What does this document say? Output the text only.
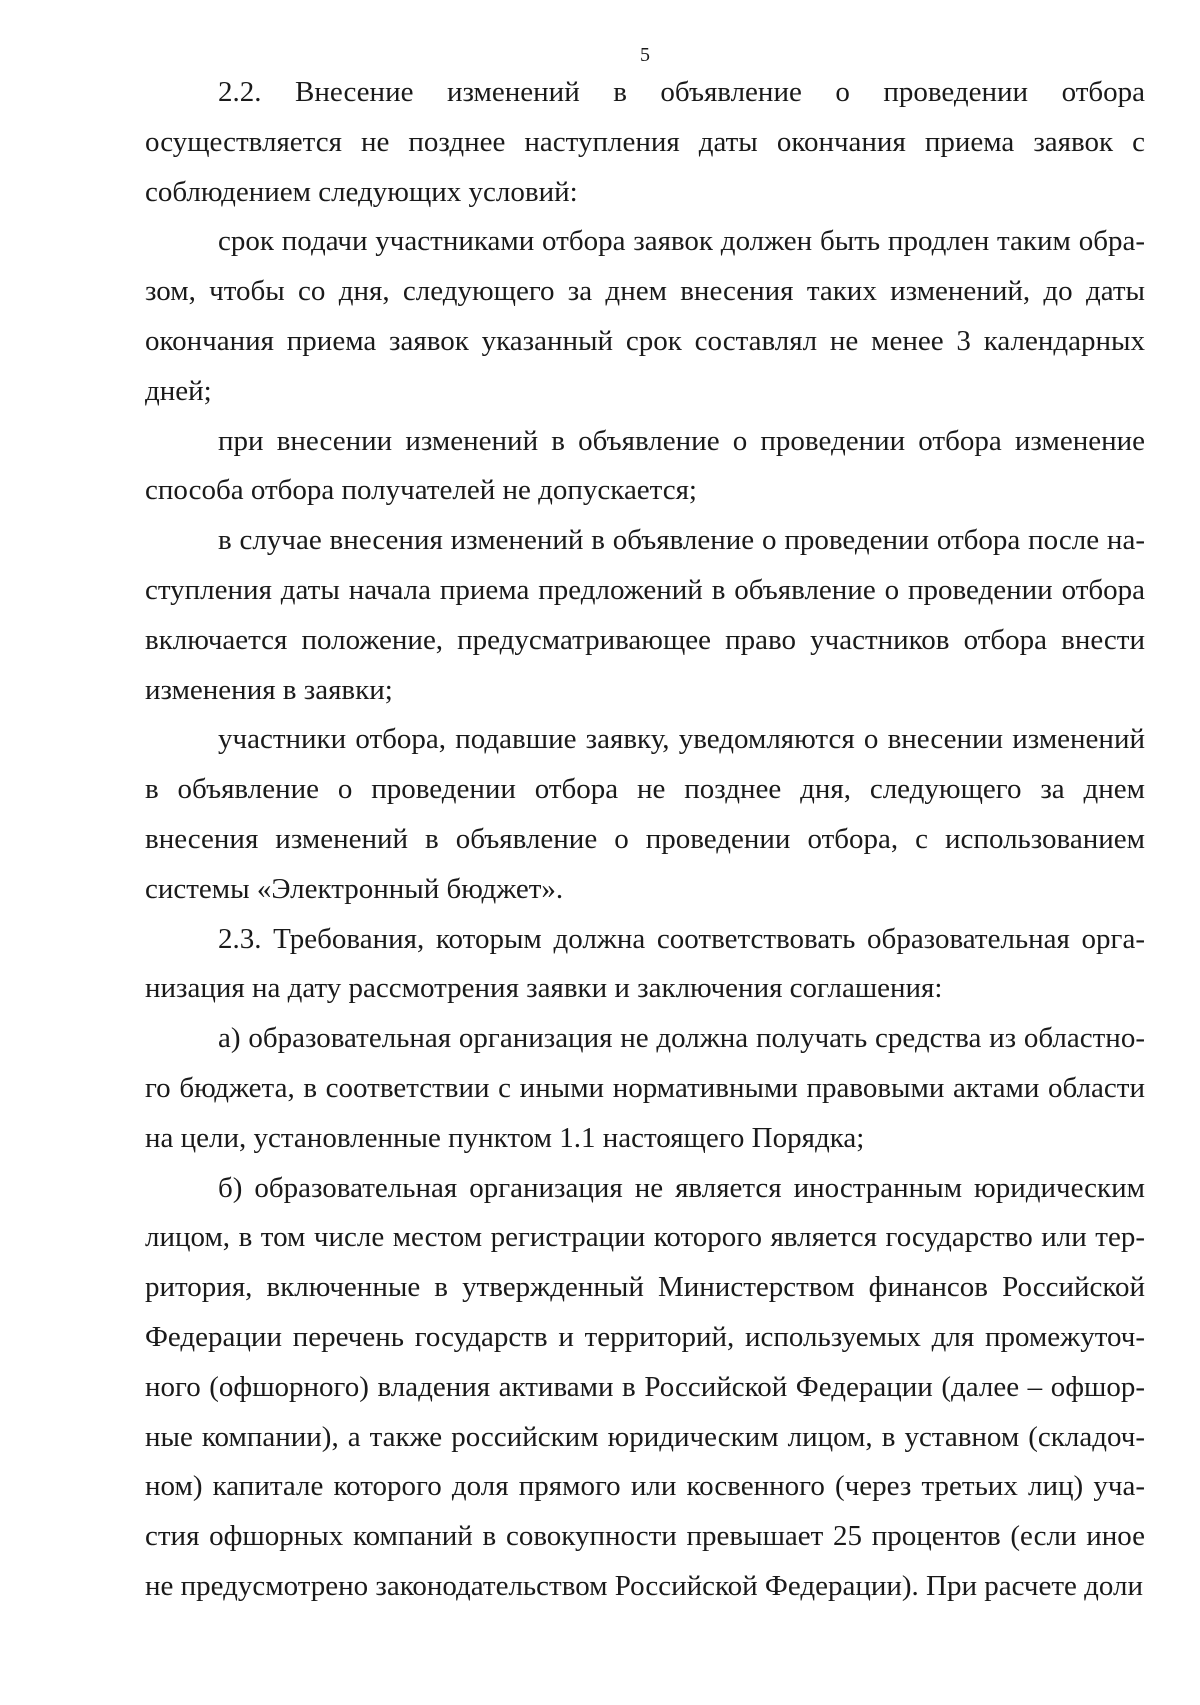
5

2.2. Внесение изменений в объявление о проведении отбора осуществляется не позднее наступления даты окончания приема заявок с соблюдением следующих условий:

срок подачи участниками отбора заявок должен быть продлен таким образом, чтобы со дня, следующего за днем внесения таких изменений, до даты окончания приема заявок указанный срок составлял не менее 3 календарных дней;

при внесении изменений в объявление о проведении отбора изменение способа отбора получателей не допускается;

в случае внесения изменений в объявление о проведении отбора после наступления даты начала приема предложений в объявление о проведении отбора включается положение, предусматривающее право участников отбора внести изменения в заявки;

участники отбора, подавшие заявку, уведомляются о внесении изменений в объявление о проведении отбора не позднее дня, следующего за днем внесения изменений в объявление о проведении отбора, с использованием системы «Электронный бюджет».

2.3. Требования, которым должна соответствовать образовательная организация на дату рассмотрения заявки и заключения соглашения:

а) образовательная организация не должна получать средства из областного бюджета, в соответствии с иными нормативными правовыми актами области на цели, установленные пунктом 1.1 настоящего Порядка;

б) образовательная организация не является иностранным юридическим лицом, в том числе местом регистрации которого является государство или территория, включенные в утвержденный Министерством финансов Российской Федерации перечень государств и территорий, используемых для промежуточного (офшорного) владения активами в Российской Федерации (далее – офшорные компании), а также российским юридическим лицом, в уставном (складочном) капитале которого доля прямого или косвенного (через третьих лиц) участия офшорных компаний в совокупности превышает 25 процентов (если иное не предусмотрено законодательством Российской Федерации). При расчете доли
